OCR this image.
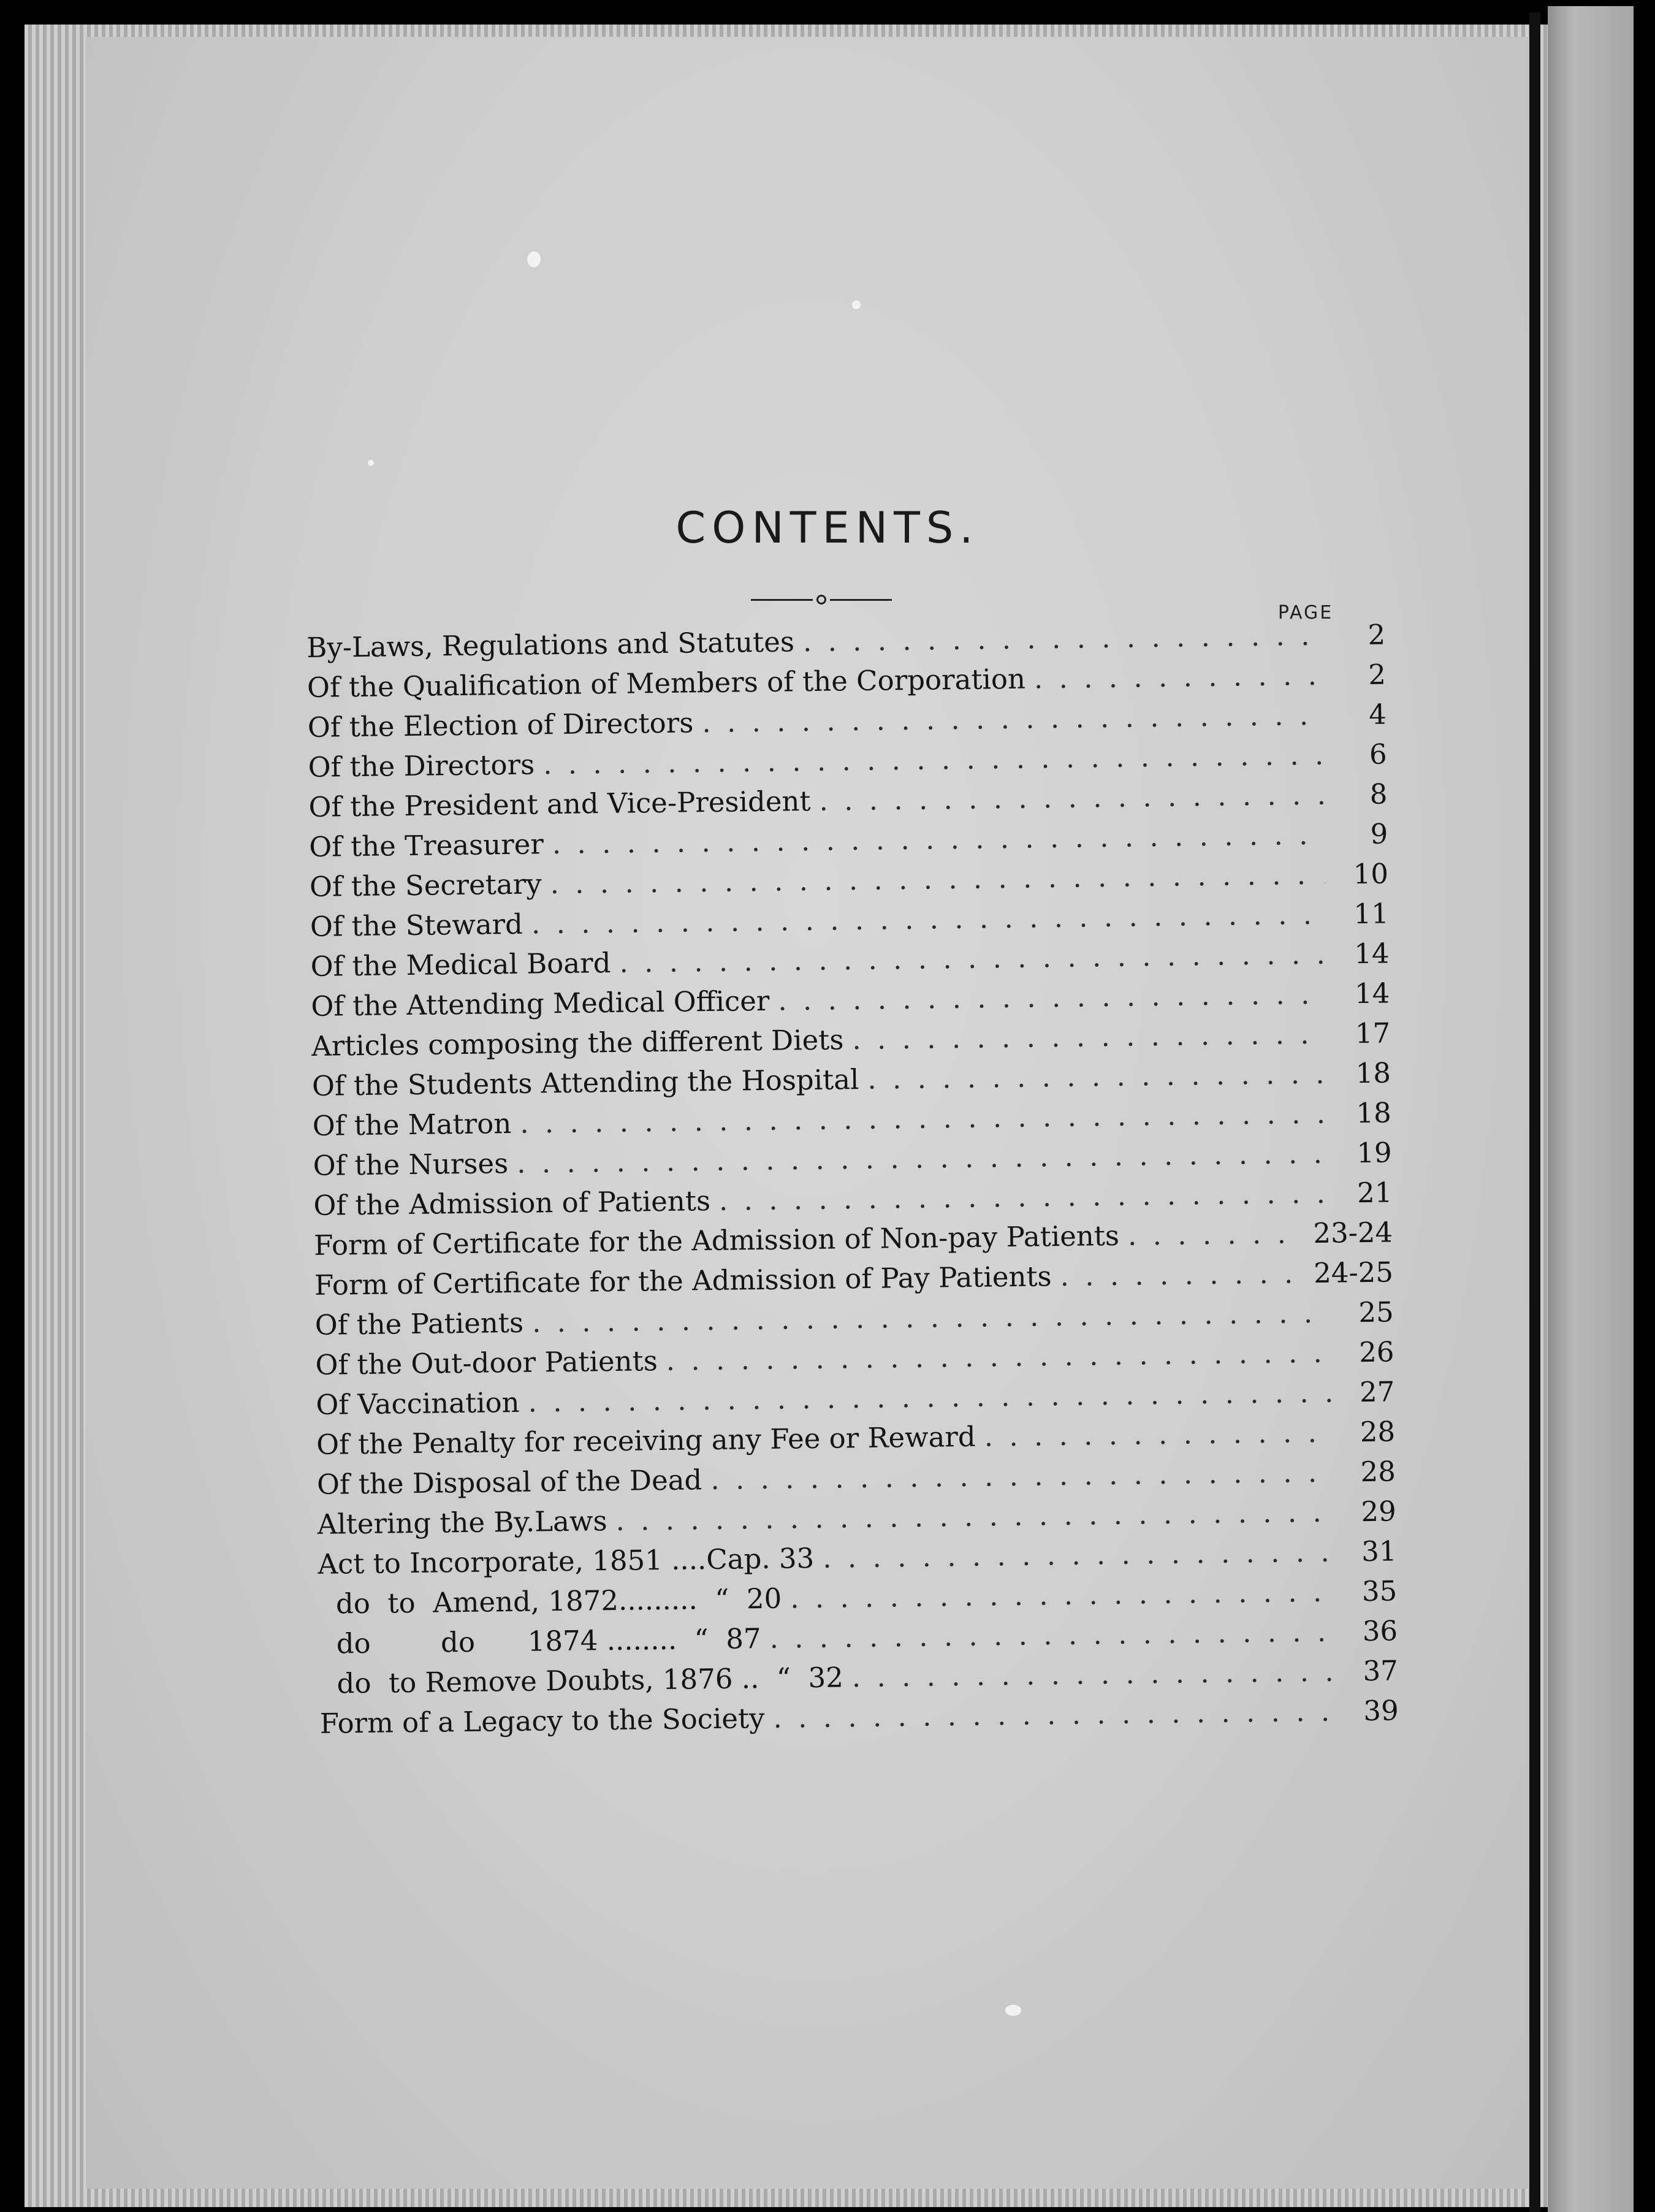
CONTENTS.
PAGE
By-Laws, Regulations and Statutes . . .	2
Of the Qualification of Members of the Corporation . . .	2
Of the Election of Directors . . .	4
Of the Directors . . .	6
Of the President and Vice-President . . .	8
Of the Treasurer . . .	9
Of the Secretary . . .	10
Of the Steward . . .	11
Of the Medical Board . . .	14
Of the Attending Medical Officer . . .	14
Articles composing the different Diets . . .	17
Of the Students Attending the Hospital . . .	18
Of the Matron . . .	18
Of the Nurses . . .	19
Of the Admission of Patients . . .	21
Form of Certificate for the Admission of Non-pay Patients . . .	23-24
Form of Certificate for the Admission of Pay Patients . . .	24-25
Of the Patients . . .	25
Of the Out-door Patients . . .	26
Of Vaccination . . .	27
Of the Penalty for receiving any Fee or Reward . . .	28
Of the Disposal of the Dead . . .	28
Altering the By.Laws . . .	29
Act to Incorporate, 1851 ....Cap. 33 . . .	31
do  to  Amend, 1872.........  “  20 . . .	35
do        do      1874 ........  “  87 . . .	36
do  to Remove Doubts, 1876 ..  “  32 . . .	37
Form of a Legacy to the Society . . .	39
